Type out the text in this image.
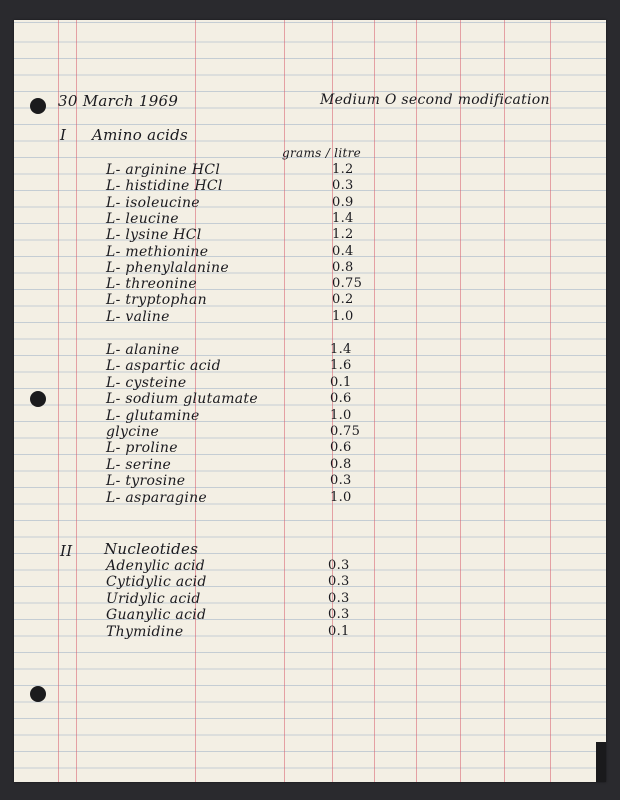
30 March 1969	Medium O second modification
I Amino acids
grams / litre
L- arginine HCl	1.2
L- histidine HCl	0.3
L- isoleucine	0.9
L- leucine	1.4
L- lysine HCl	1.2
L- methionine	0.4
L- phenylalanine	0.8
L- threonine	0.75
L- tryptophan	0.2
L- valine	1.0
L- alanine	1.4
L- aspartic acid	1.6
L- cysteine	0.1
L- sodium glutamate	0.6
L- glutamine	1.0
glycine	0.75
L- proline	0.6
L- serine	0.8
L- tyrosine	0.3
L- asparagine	1.0
II Nucleotides
Adenylic acid	0.3
Cytidylic acid	0.3
Uridylic acid	0.3
Guanylic acid	0.3
Thymidine	0.1
